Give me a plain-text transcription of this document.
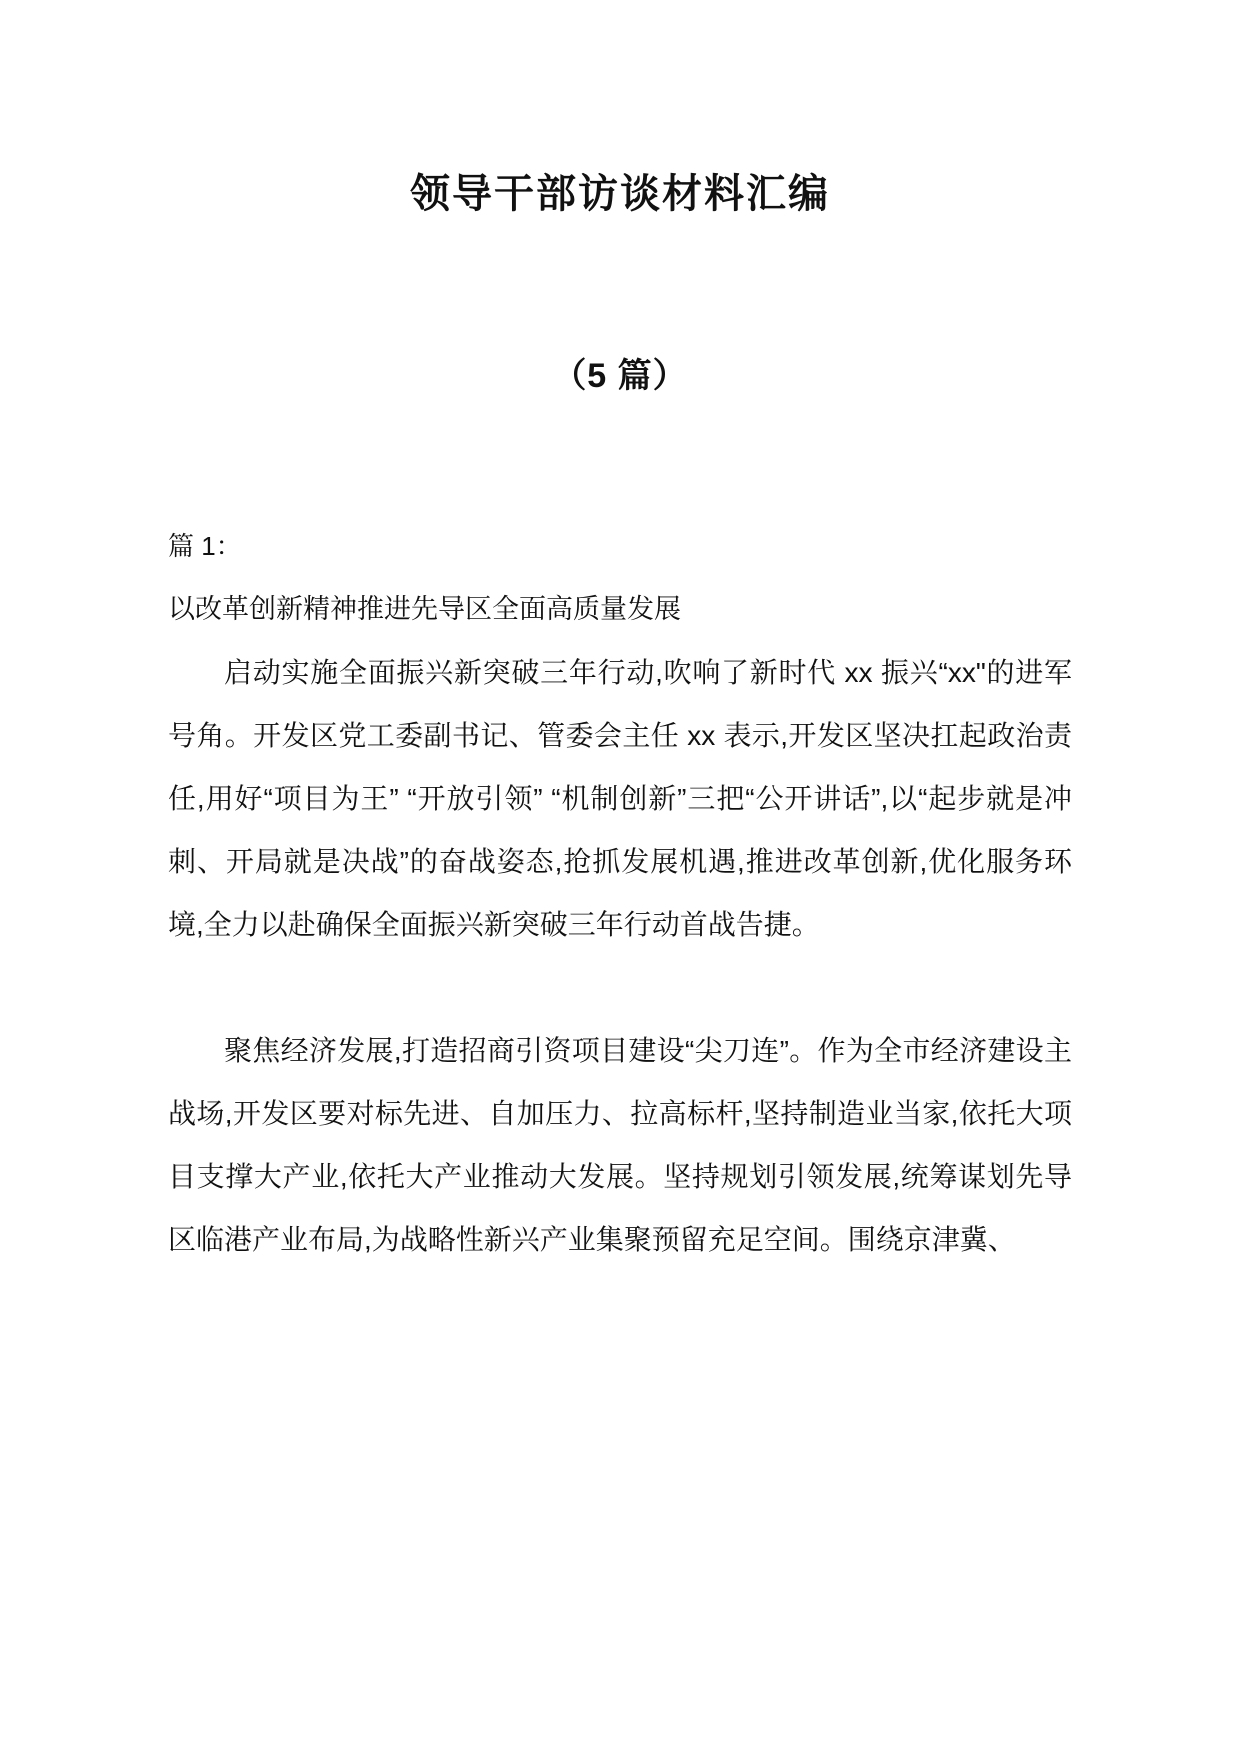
领导干部访谈材料汇编
（5 篇）

篇 1：

以改革创新精神推进先导区全面高质量发展

启动实施全面振兴新突破三年行动,吹响了新时代 xx 振兴“xx"的进军号角。开发区党工委副书记、管委会主任 xx 表示,开发区坚决扛起政治责任,用好“项目为王” “开放引领” “机制创新”三把“公开讲话”,以“起步就是冲刺、开局就是决战”的奋战姿态,抢抓发展机遇,推进改革创新,优化服务环境,全力以赴确保全面振兴新突破三年行动首战告捷。

聚焦经济发展,打造招商引资项目建设“尖刀连”。作为全市经济建设主战场,开发区要对标先进、自加压力、拉高标杆,坚持制造业当家,依托大项目支撑大产业,依托大产业推动大发展。坚持规划引领发展,统筹谋划先导区临港产业布局,为战略性新兴产业集聚预留充足空间。围绕京津冀、
